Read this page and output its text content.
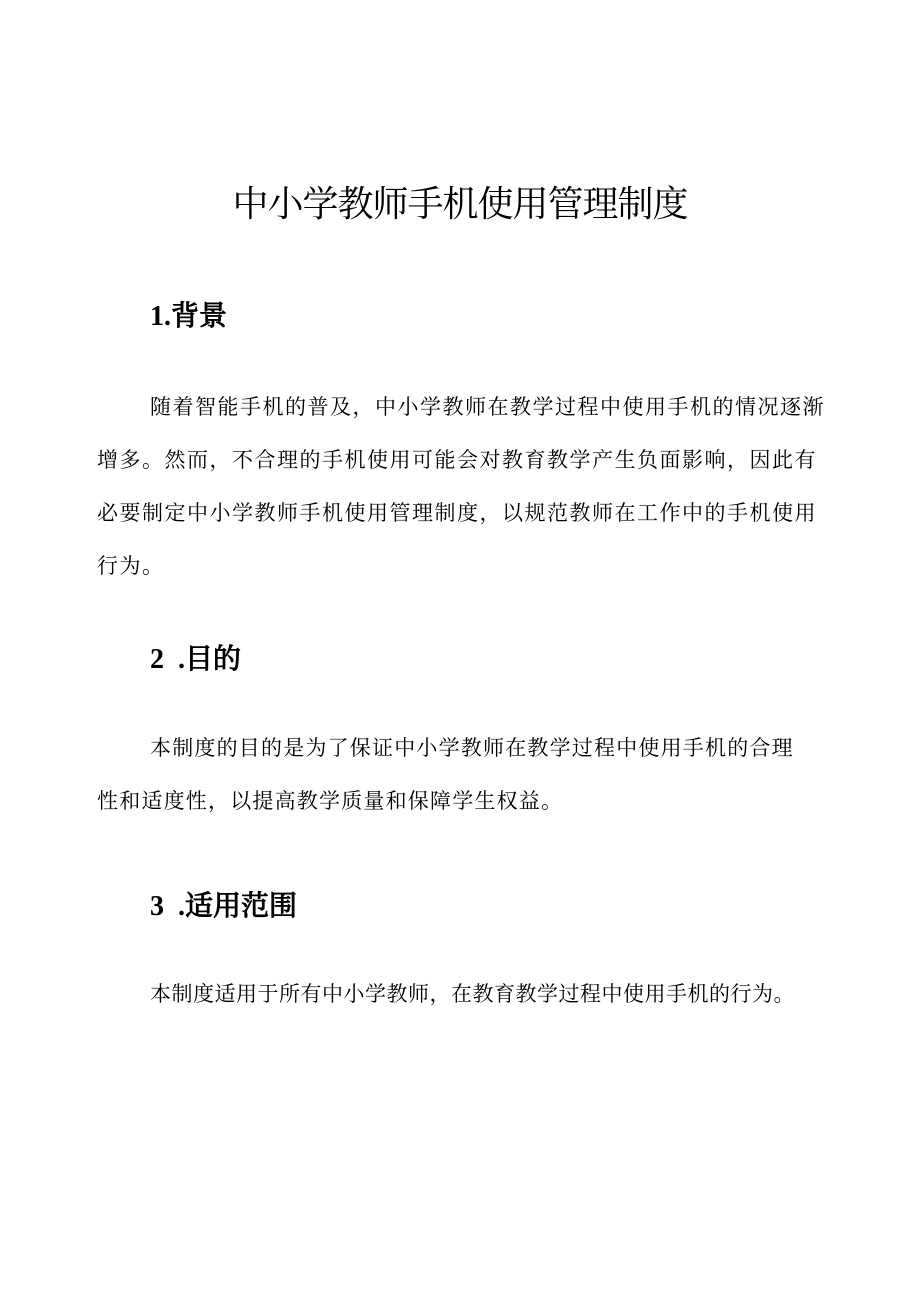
中小学教师手机使用管理制度
1.背景

随着智能手机的普及，中小学教师在教学过程中使用手机的情况逐渐增多。然而，不合理的手机使用可能会对教育教学产生负面影响，因此有必要制定中小学教师手机使用管理制度，以规范教师在工作中的手机使用行为。

2  .目的

本制度的目的是为了保证中小学教师在教学过程中使用手机的合理性和适度性，以提高教学质量和保障学生权益。

3  .适用范围

本制度适用于所有中小学教师，在教育教学过程中使用手机的行为。
